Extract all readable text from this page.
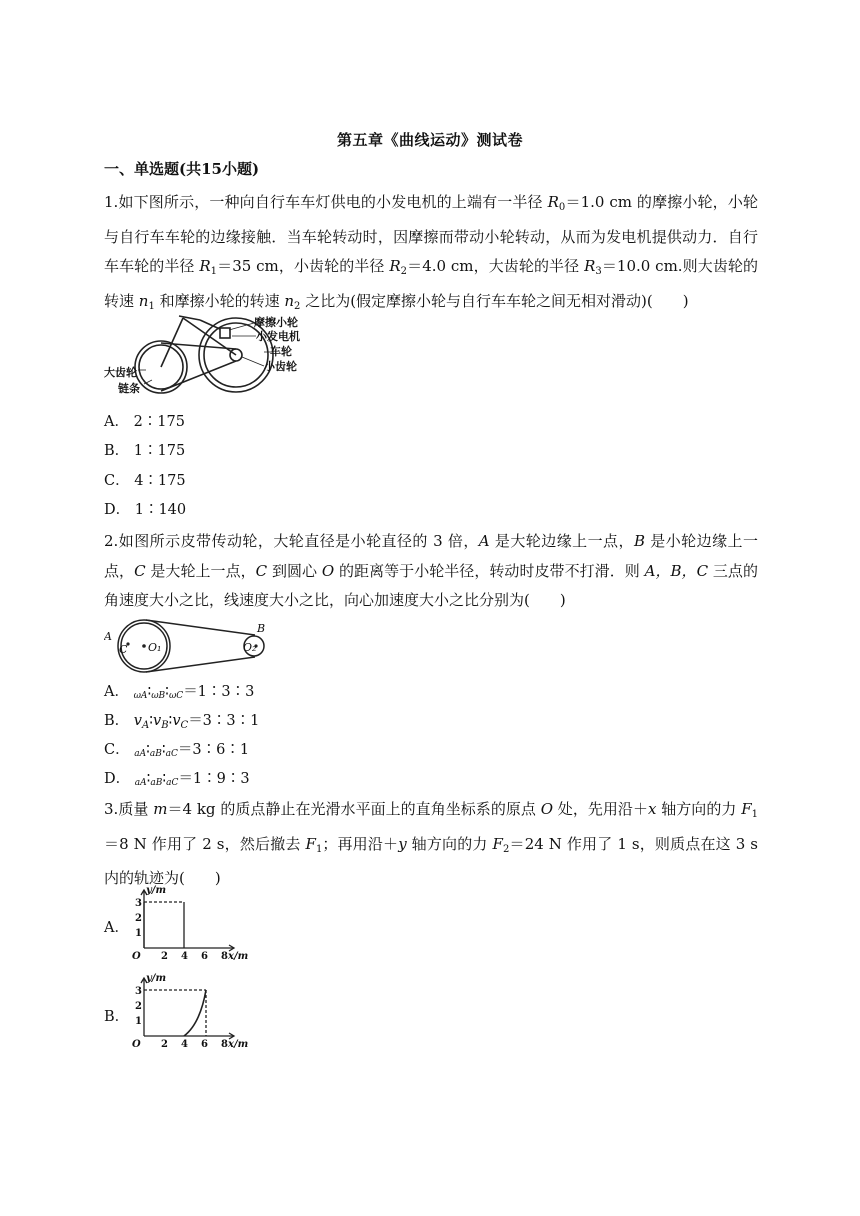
第五章《曲线运动》测试卷
一、单选题(共15小题)
1.如下图所示，一种向自行车车灯供电的小发电机的上端有一半径 $R_0=1.0$ cm 的摩擦小轮，小轮与自行车车轮的边缘接触．当车轮转动时，因摩擦而带动小轮转动，从而为发电机提供动力．自行车车轮的半径 $R_1=35$ cm，小齿轮的半径 $R_2=4.0$ cm，大齿轮的半径 $R_3=10.0$ cm.则大齿轮的转速 $n_1$ 和摩擦小轮的转速 $n_2$ 之比为(假定摩擦小轮与自行车车轮之间无相对滑动)(　　)
摩擦小轮
小发电机
车轮
小齿轮
大齿轮
链条
A． 2∶175
B． 1∶175
C． 4∶175
D． 1∶140
2.如图所示皮带传动轮，大轮直径是小轮直径的 3 倍，A 是大轮边缘上一点，B 是小轮边缘上一点，C 是大轮上一点，C 到圆心 O 的距离等于小轮半径，转动时皮带不打滑．则 A，B，C 三点的角速度大小之比，线速度大小之比，向心加速度大小之比分别为(　　)
A
B
C O₁	O₂
A． ωA∶ωB∶ωC＝1∶3∶3
B． $v_A∶v_B∶v_C=3∶3∶1$
C． aA∶aB∶aC＝3∶6∶1
D． aA∶aB∶aC＝1∶9∶3
3.质量 m＝4 kg 的质点静止在光滑水平面上的直角坐标系的原点 O 处，先用沿＋x 轴方向的力 $F_1=8$ N 作用了 2 s，然后撤去 $F_1$；再用沿＋y 轴方向的力 $F_2=24$ N 作用了 1 s，则质点在这 3 s 内的轨迹为(　　)
A．
y/m
x/m
O 2 4 6 8
1
2
3
B．
y/m
x/m
O 2 4 6 8
1
2
3
